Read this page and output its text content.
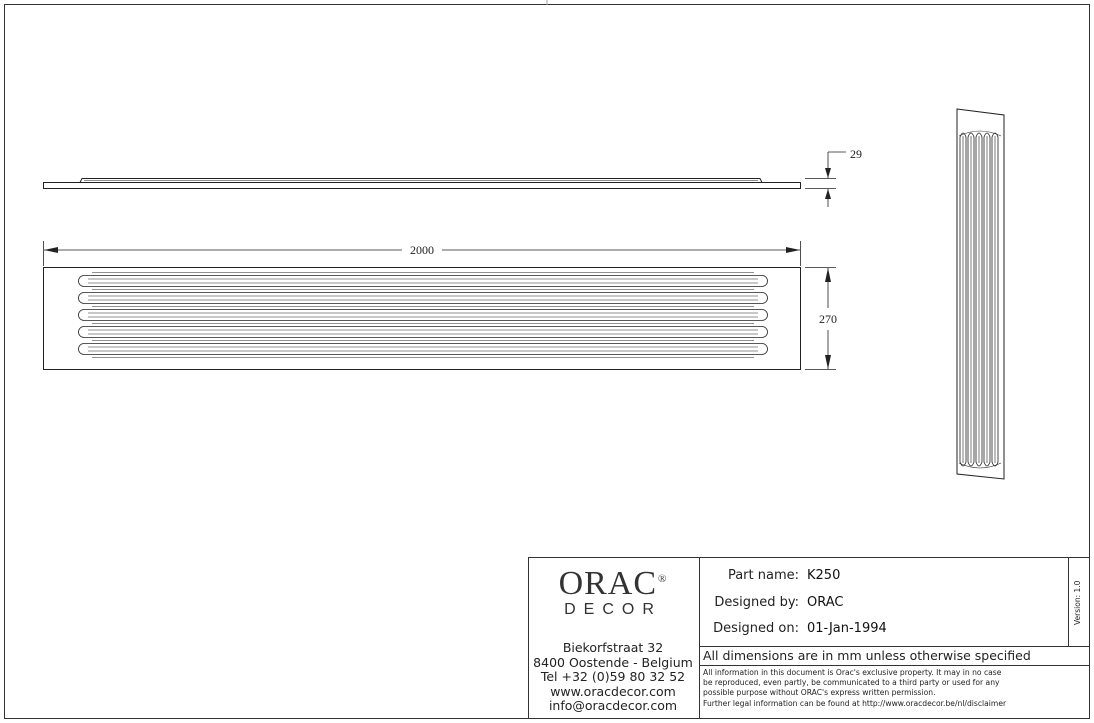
29
2000
270
ORAC®
DECOR
Biekorfstraat 32
8400 Oostende - Belgium
Tel +32 (0)59 80 32 52
www.oracdecor.com
info@oracdecor.com
Part name: K250
Designed by: ORAC
Designed on: 01-Jan-1994
Version: 1.0
All dimensions are in mm unless otherwise specified
All information in this document is Orac's exclusive property. It may in no case
be reproduced, even partly, be communicated to a third party or used for any
possible purpose without ORAC's express written permission.
Further legal information can be found at http://www.oracdecor.be/nl/disclaimer
